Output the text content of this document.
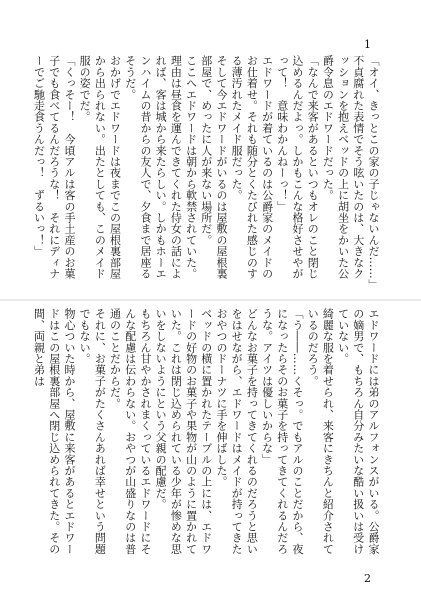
1

「オイ、きっとこの家の子じゃないんだ……」

不貞腐れた表情でそう呟いたのは、大きなクッションを抱えベッドの上に胡坐をかいた公爵令息のエドワードだった。

「なんで来客があるといつもオレのこと閉じ込めるんだよっ。しかもこんな格好させやがって！　意味わかんねーっ！」

エドワードが着ているのは公爵家のメイドのお仕着せ。それも随分とくたびれた感じのする薄汚れたメイド服だった。

そして今エドワードがいるのは屋敷の屋根裏部屋で、めったに人が来ない場所だ。

ここへエドワードは朝から軟禁されていた。理由は昼食を運んできてくれた侍女の話によれば、客は城から来たらしい。しかもホーエンハイムの昔からの友人で、夕食まで居座るそうだ。

おかげでエドワードは夜までこの屋根裏部屋から出られない。出たとしても、このメイド服の姿でだ。

「くっそー！　今頃アルは客の手土産のお菓子でも食べてるんだろうな！　それにディナーでご馳走食うんだっ！　ずるいっ！」

2

エドワードには弟のアルフォンスがいる。公爵家の嫡男で、もちろん自分みたいな酷い扱いは受けていない。

綺麗な服を着せられ、来客にきちんと紹介されているのだろう。

「う――……くそっ。でもアルのことだから、夜になったらそのお菓子を持ってきてくれるんだろうな。アイツは優しいからな」

どんなお菓子を持ってきてくれるのだろうと思いをはせながら、エドワードはメイドが持ってきたおやつのドーナツに手を伸ばした。

ベッドの横に置かれたテーブルの上には、エドワードの好物のお菓子や果物が山のように置かれていた。これは閉じ込められている少年が惨めな思いをしないようにという父親の配慮だ。

もちろん甘やかされまくっているエドワードにそんな配慮は伝わらない。おやつが山盛りなのは普通のことだからだ。

それに、お菓子がたくさんあれば幸せという問題でもない。

物心ついた時から、屋敷に来客があるとエドワードはこの屋根裏部屋へ閉じ込められてきた。その間、両親と弟は
